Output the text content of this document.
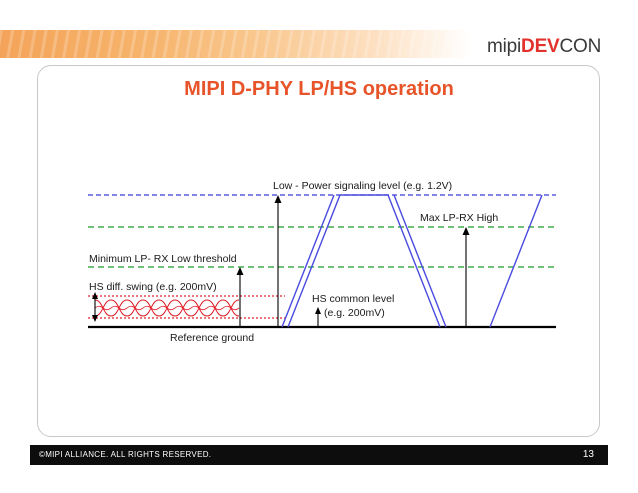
mipiDEVCON
MIPI D-PHY LP/HS operation
Low - Power signaling level (e.g. 1.2V)
Max LP-RX High
Minimum LP- RX Low threshold
HS diff. swing (e.g. 200mV)
HS common level
(e.g. 200mV)
Reference ground
©MIPI ALLIANCE. ALL RIGHTS RESERVED.	13
